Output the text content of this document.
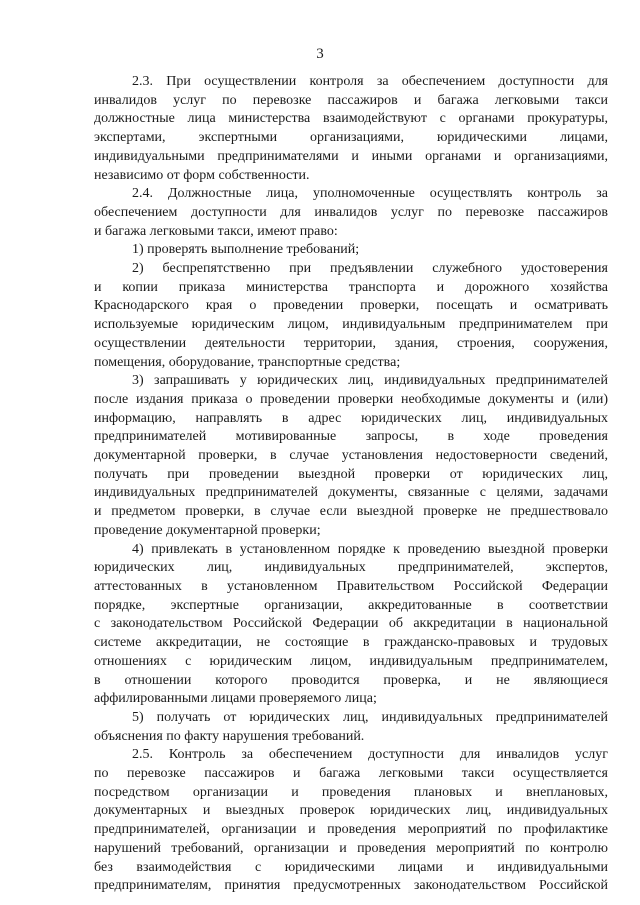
3

2.3. При осуществлении контроля за обеспечением доступности для
инвалидов услуг по перевозке пассажиров и багажа легковыми такси
должностные лица министерства взаимодействуют с органами прокуратуры,
экспертами, экспертными организациями, юридическими лицами,
индивидуальными предпринимателями и иными органами и организациями,
независимо от форм собственности.

2.4. Должностные лица, уполномоченные осуществлять контроль за
обеспечением доступности для инвалидов услуг по перевозке пассажиров
и багажа легковыми такси, имеют право:

1) проверять выполнение требований;

2) беспрепятственно при предъявлении служебного удостоверения
и копии приказа министерства транспорта и дорожного хозяйства
Краснодарского края о проведении проверки, посещать и осматривать
используемые юридическим лицом, индивидуальным предпринимателем при
осуществлении деятельности территории, здания, строения, сооружения,
помещения, оборудование, транспортные средства;

3) запрашивать у юридических лиц, индивидуальных предпринимателей
после издания приказа о проведении проверки необходимые документы и (или)
информацию, направлять в адрес юридических лиц, индивидуальных
предпринимателей мотивированные запросы, в ходе проведения
документарной проверки, в случае установления недостоверности сведений,
получать при проведении выездной проверки от юридических лиц,
индивидуальных предпринимателей документы, связанные с целями, задачами
и предметом проверки, в случае если выездной проверке не предшествовало
проведение документарной проверки;

4) привлекать в установленном порядке к проведению выездной проверки
юридических лиц, индивидуальных предпринимателей, экспертов,
аттестованных в установленном Правительством Российской Федерации
порядке, экспертные организации, аккредитованные в соответствии
с законодательством Российской Федерации об аккредитации в национальной
системе аккредитации, не состоящие в гражданско-правовых и трудовых
отношениях с юридическим лицом, индивидуальным предпринимателем,
в отношении которого проводится проверка, и не являющиеся
аффилированными лицами проверяемого лица;

5) получать от юридических лиц, индивидуальных предпринимателей
объяснения по факту нарушения требований.

2.5. Контроль за обеспечением доступности для инвалидов услуг
по перевозке пассажиров и багажа легковыми такси осуществляется
посредством организации и проведения плановых и внеплановых,
документарных и выездных проверок юридических лиц, индивидуальных
предпринимателей, организации и проведения мероприятий по профилактике
нарушений требований, организации и проведения мероприятий по контролю
без взаимодействия с юридическими лицами и индивидуальными
предпринимателям, принятия предусмотренных законодательством Российской
